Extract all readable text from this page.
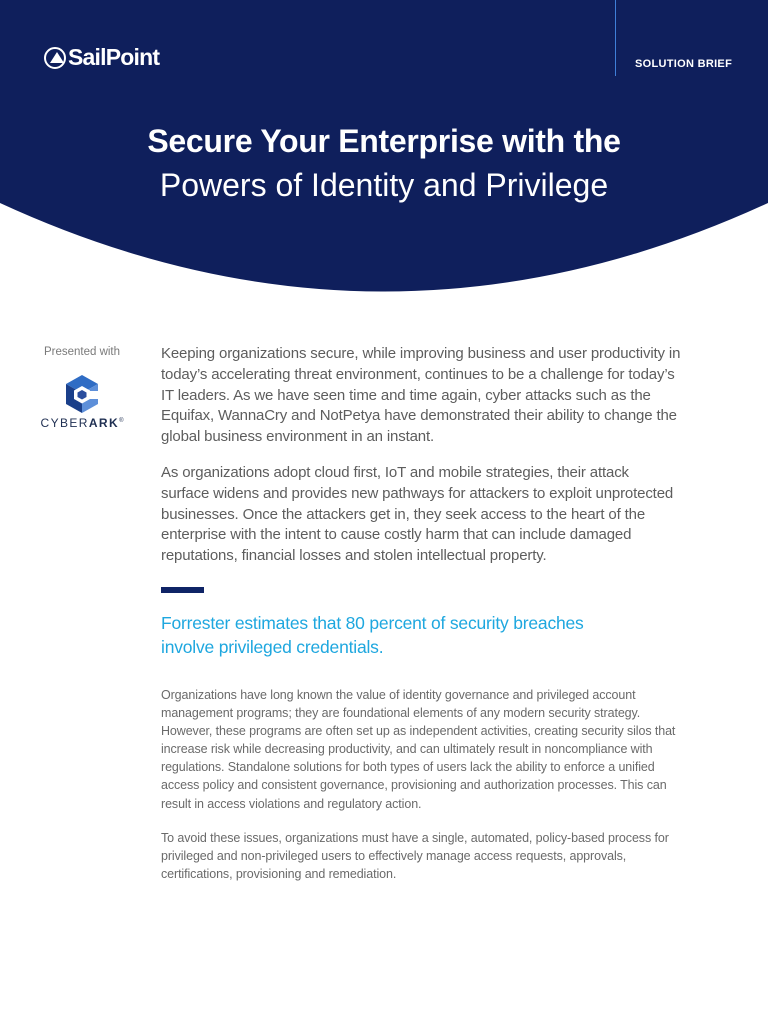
SailPoint	SOLUTION BRIEF
Secure Your Enterprise with the
Powers of Identity and Privilege
Presented with
CYBERARK®

Keeping organizations secure, while improving business and user productivity in today’s accelerating threat environment, continues to be a challenge for today’s IT leaders. As we have seen time and time again, cyber attacks such as the Equifax, WannaCry and NotPetya have demonstrated their ability to change the global business environment in an instant.

As organizations adopt cloud first, IoT and mobile strategies, their attack surface widens and provides new pathways for attackers to exploit unprotected businesses. Once the attackers get in, they seek access to the heart of the enterprise with the intent to cause costly harm that can include damaged reputations, financial losses and stolen intellectual property.

Forrester estimates that 80 percent of security breaches involve privileged credentials.

Organizations have long known the value of identity governance and privileged account management programs; they are foundational elements of any modern security strategy. However, these programs are often set up as independent activities, creating security silos that increase risk while decreasing productivity, and can ultimately result in noncompliance with regulations. Standalone solutions for both types of users lack the ability to enforce a unified access policy and consistent governance, provisioning and authorization processes. This can result in access violations and regulatory action.

To avoid these issues, organizations must have a single, automated, policy-based process for privileged and non-privileged users to effectively manage access requests, approvals, certifications, provisioning and remediation.
